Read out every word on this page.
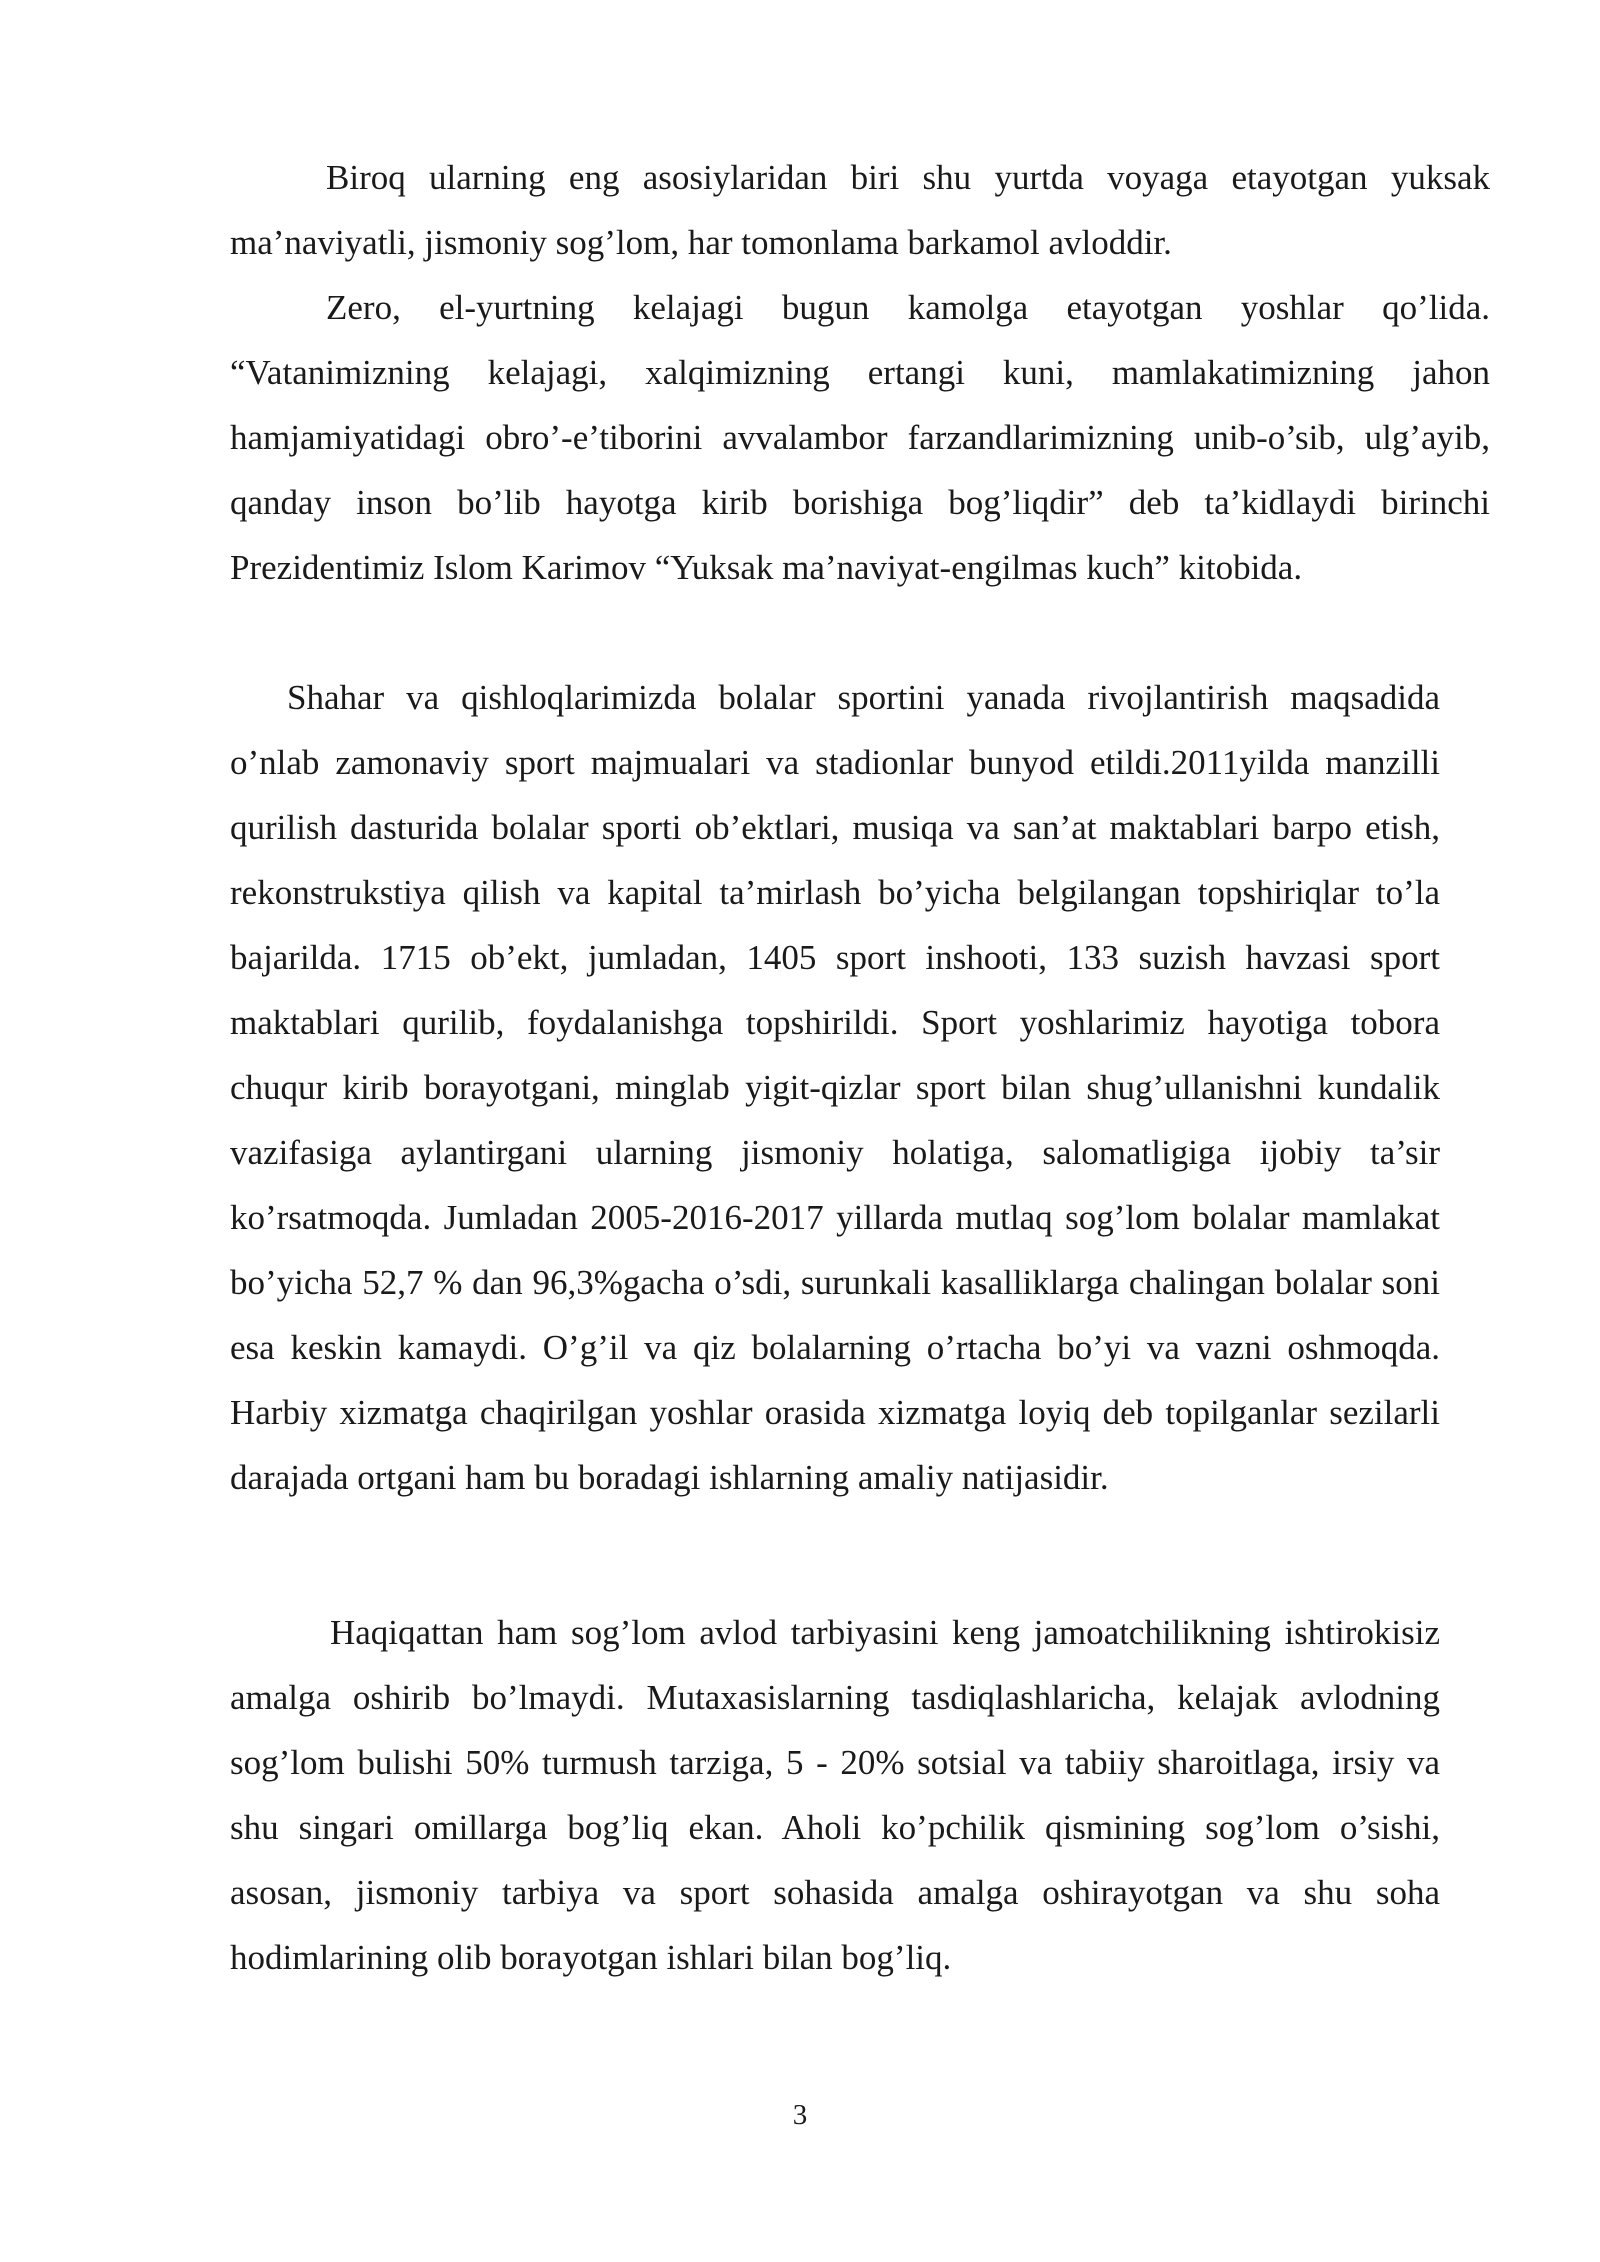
Biroq ularning eng asosiylaridan biri shu yurtda voyaga etayotgan yuksak ma’naviyatli, jismoniy sog’lom, har tomonlama barkamol avloddir.

Zero, el-yurtning kelajagi bugun kamolga etayotgan yoshlar qo’lida. “Vatanimizning kelajagi, xalqimizning ertangi kuni, mamlakatimizning jahon hamjamiyatidagi obro’-e’tiborini avvalambor farzandlarimizning unib-o’sib, ulg’ayib, qanday inson bo’lib hayotga kirib borishiga bog’liqdir” deb ta’kidlaydi birinchi Prezidentimiz Islom Karimov “Yuksak ma’naviyat-engilmas kuch” kitobida.

Shahar va qishloqlarimizda bolalar sportini yanada rivojlantirish maqsadida o’nlab zamonaviy sport majmualari va stadionlar bunyod etildi.2011yilda manzilli qurilish dasturida bolalar sporti ob’ektlari, musiqa va san’at maktablari barpo etish, rekonstrukstiya qilish va kapital ta’mirlash bo’yicha belgilangan topshiriqlar to’la bajarilda. 1715 ob’ekt, jumladan, 1405 sport inshooti, 133 suzish havzasi sport maktablari qurilib, foydalanishga topshirildi. Sport yoshlarimiz hayotiga tobora chuqur kirib borayotgani, minglab yigit-qizlar sport bilan shug’ullanishni kundalik vazifasiga aylantirgani ularning jismoniy holatiga, salomatligiga ijobiy ta’sir ko’rsatmoqda. Jumladan 2005-2016-2017 yillarda mutlaq sog’lom bolalar mamlakat bo’yicha 52,7 % dan 96,3%gacha o’sdi, surunkali kasalliklarga chalingan bolalar soni esa keskin kamaydi. O’g’il va qiz bolalarning o’rtacha bo’yi va vazni oshmoqda. Harbiy xizmatga chaqirilgan yoshlar orasida xizmatga loyiq deb topilganlar sezilarli darajada ortgani ham bu boradagi ishlarning amaliy natijasidir.

Haqiqattan ham sog’lom avlod tarbiyasini keng jamoatchilikning ishtirokisiz amalga oshirib bo’lmaydi. Mutaxasislarning tasdiqlashlaricha, kelajak avlodning sog’lom bulishi 50% turmush tarziga, 5 - 20% sotsial va tabiiy sharoitlaga, irsiy va shu singari omillarga bog’liq ekan. Aholi ko’pchilik qismining sog’lom o’sishi, asosan, jismoniy tarbiya va sport sohasida amalga oshirayotgan va shu soha hodimlarining olib borayotgan ishlari bilan bog’liq.

3
